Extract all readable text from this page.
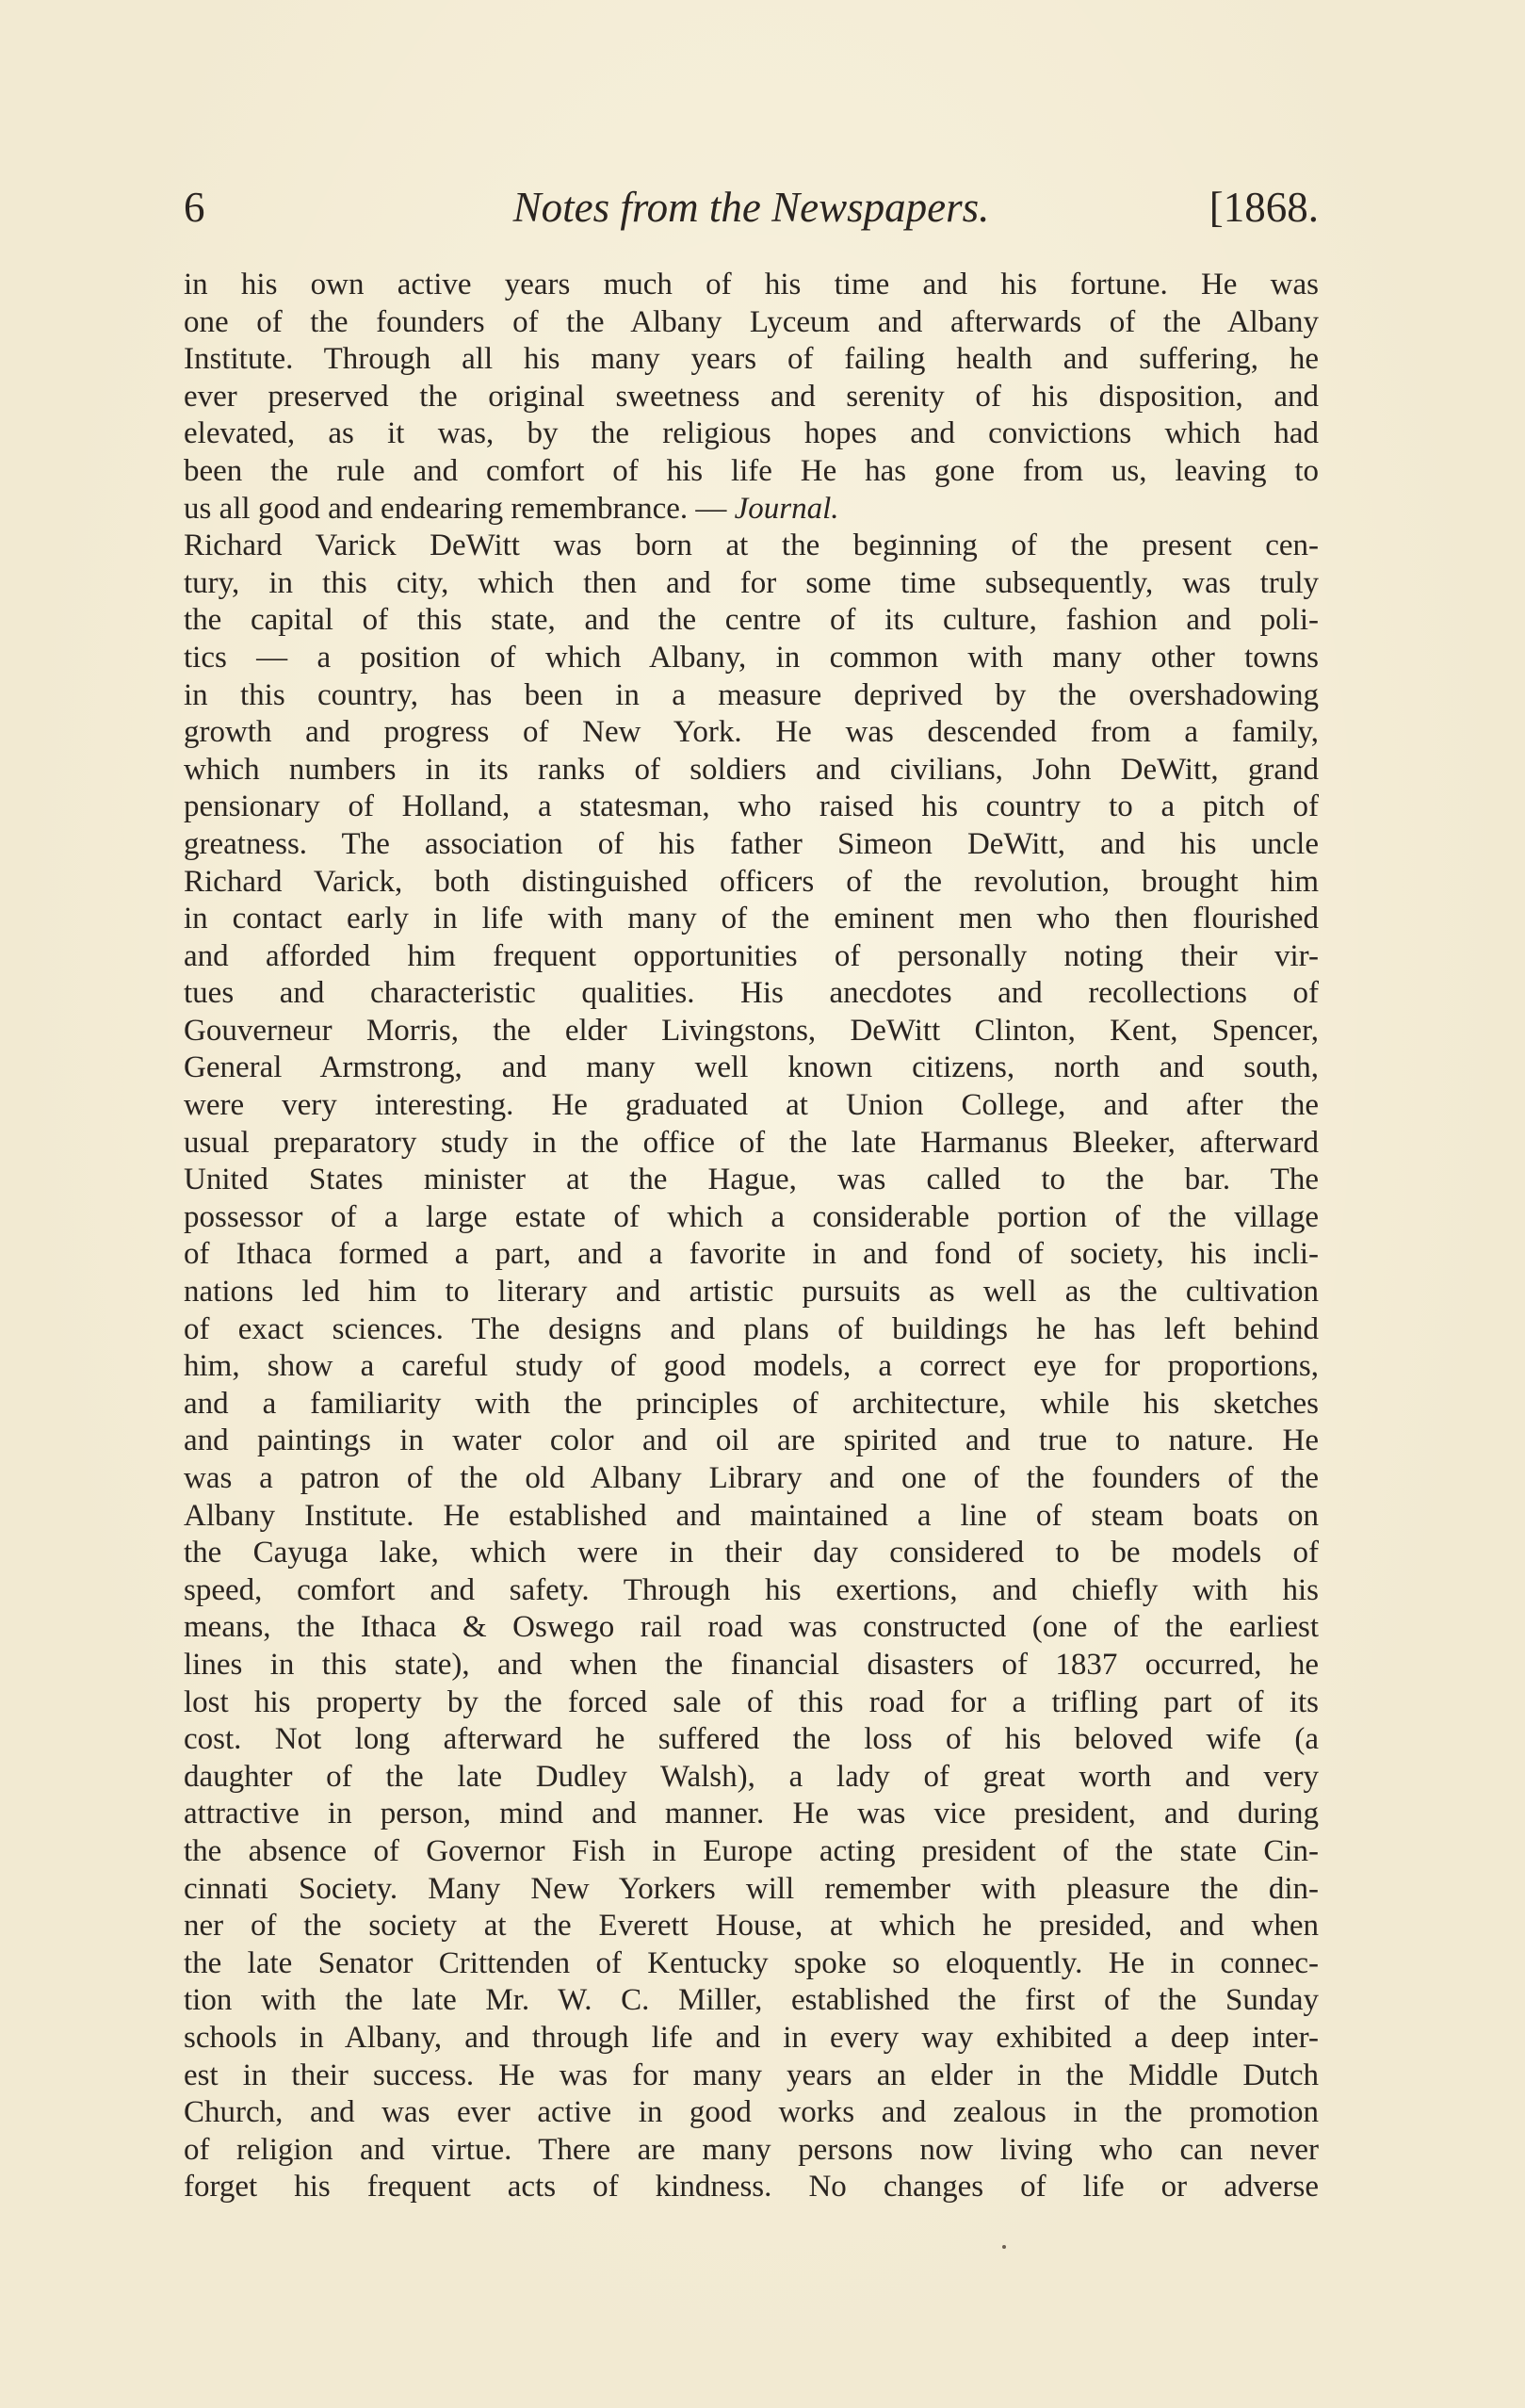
6	Notes from the Newspapers.	[1868.
in his own active years much of his time and his fortune. He was
one of the founders of the Albany Lyceum and afterwards of the Albany
Institute. Through all his many years of failing health and suffering, he
ever preserved the original sweetness and serenity of his disposition, and
elevated, as it was, by the religious hopes and convictions which had
been the rule and comfort of his life He has gone from us, leaving to
us all good and endearing remembrance. — Journal.
Richard Varick DeWitt was born at the beginning of the present cen-
tury, in this city, which then and for some time subsequently, was truly
the capital of this state, and the centre of its culture, fashion and poli-
tics — a position of which Albany, in common with many other towns
in this country, has been in a measure deprived by the overshadowing
growth and progress of New York. He was descended from a family,
which numbers in its ranks of soldiers and civilians, John DeWitt, grand
pensionary of Holland, a statesman, who raised his country to a pitch of
greatness. The association of his father Simeon DeWitt, and his uncle
Richard Varick, both distinguished officers of the revolution, brought him
in contact early in life with many of the eminent men who then flourished
and afforded him frequent opportunities of personally noting their vir-
tues and characteristic qualities. His anecdotes and recollections of
Gouverneur Morris, the elder Livingstons, DeWitt Clinton, Kent, Spencer,
General Armstrong, and many well known citizens, north and south,
were very interesting. He graduated at Union College, and after the
usual preparatory study in the office of the late Harmanus Bleeker, afterward
United States minister at the Hague, was called to the bar. The
possessor of a large estate of which a considerable portion of the village
of Ithaca formed a part, and a favorite in and fond of society, his incli-
nations led him to literary and artistic pursuits as well as the cultivation
of exact sciences. The designs and plans of buildings he has left behind
him, show a careful study of good models, a correct eye for proportions,
and a familiarity with the principles of architecture, while his sketches
and paintings in water color and oil are spirited and true to nature. He
was a patron of the old Albany Library and one of the founders of the
Albany Institute. He established and maintained a line of steam boats on
the Cayuga lake, which were in their day considered to be models of
speed, comfort and safety. Through his exertions, and chiefly with his
means, the Ithaca & Oswego rail road was constructed (one of the earliest
lines in this state), and when the financial disasters of 1837 occurred, he
lost his property by the forced sale of this road for a trifling part of its
cost. Not long afterward he suffered the loss of his beloved wife (a
daughter of the late Dudley Walsh), a lady of great worth and very
attractive in person, mind and manner. He was vice president, and during
the absence of Governor Fish in Europe acting president of the state Cin-
cinnati Society. Many New Yorkers will remember with pleasure the din-
ner of the society at the Everett House, at which he presided, and when
the late Senator Crittenden of Kentucky spoke so eloquently. He in connec-
tion with the late Mr. W. C. Miller, established the first of the Sunday
schools in Albany, and through life and in every way exhibited a deep inter-
est in their success. He was for many years an elder in the Middle Dutch
Church, and was ever active in good works and zealous in the promotion
of religion and virtue. There are many persons now living who can never
forget his frequent acts of kindness. No changes of life or adverse
